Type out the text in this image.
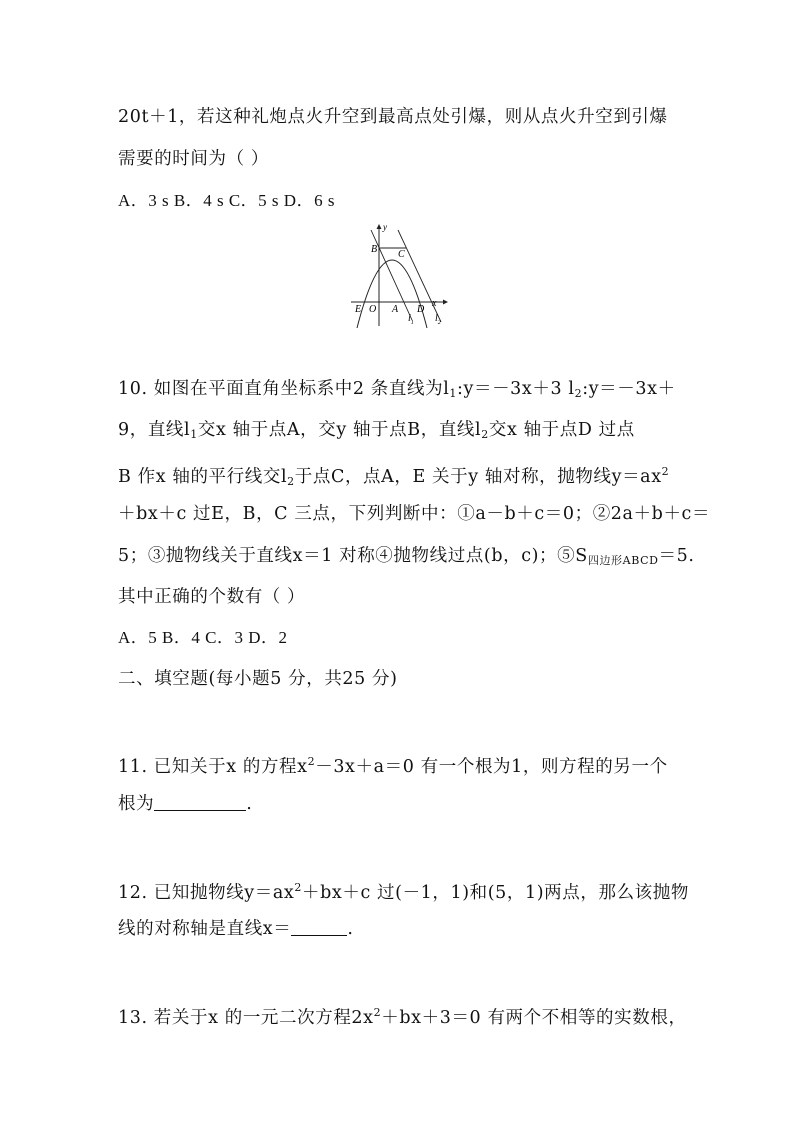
20t＋1，若这种礼炮点火升空到最高点处引爆，则从点火升空到引爆
需要的时间为（ ）
A．3 s B．4 s C．5 s D．6 s
y
B C
E O A D
x
$l_1$ $l_2$
10. 如图在平面直角坐标系中2 条直线为$l_1:y=-3x+3$ $l_2:y=-3x+$
9，直线$l_1$交x 轴于点A，交y 轴于点B，直线$l_2$交x 轴于点D 过点
B 作x 轴的平行线交$l_2$于点C，点A，E 关于y 轴对称，抛物线$y=ax^2$
＋bx＋c 过E，B，C 三点，下列判断中：①a－b＋c＝0；②2a＋b＋c＝
5；③抛物线关于直线x＝1 对称④抛物线过点(b，c)；$⑤S_{四边形ABCD}=5$.
其中正确的个数有（ ）
A．5 B．4 C．3 D．2
二、填空题(每小题5 分，共25 分)
11. 已知关于x 的方程$x^2-3x+a=0$ 有一个根为1，则方程的另一个
根为	.
12. 已知抛物线$y=ax^2+bx+c$ 过(－1，1)和(5，1)两点，那么该抛物
线的对称轴是直线x＝	.
13. 若关于x 的一元二次方程$2x^2+bx+3=0$ 有两个不相等的实数根，
